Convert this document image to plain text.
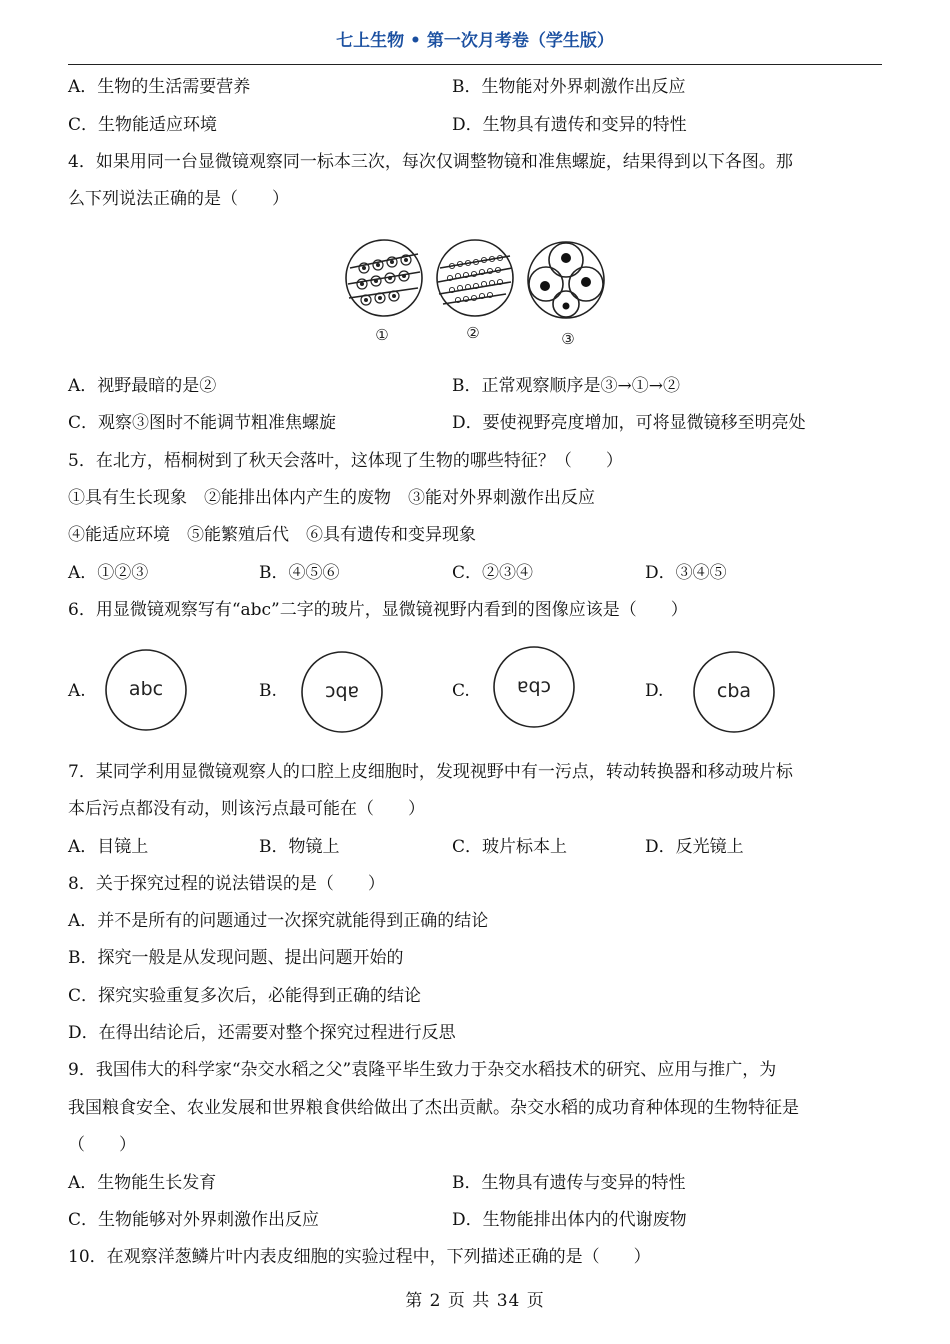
七上生物 • 第一次月考卷（学生版）
A．生物的生活需要营养	B．生物能对外界刺激作出反应
C．生物能适应环境	D．生物具有遗传和变异的特性
4．如果用同一台显微镜观察同一标本三次，每次仅调整物镜和准焦螺旋，结果得到以下各图。那
么下列说法正确的是（　　）
①	②	③
A．视野最暗的是②	B．正常观察顺序是③→①→②
C．观察③图时不能调节粗准焦螺旋	D．要使视野亮度增加，可将显微镜移至明亮处
5．在北方，梧桐树到了秋天会落叶，这体现了生物的哪些特征？（　　）
①具有生长现象　②能排出体内产生的废物　③能对外界刺激作出反应
④能适应环境　⑤能繁殖后代　⑥具有遗传和变异现象
A．①②③	B．④⑤⑥	C．②③④	D．③④⑤
6．用显微镜观察写有“abc”二字的玻片，显微镜视野内看到的图像应该是（　　）
A. abc	B.	ɔqɐ	C. ɐqɔ	D.	cba
7．某同学利用显微镜观察人的口腔上皮细胞时，发现视野中有一污点，转动转换器和移动玻片标
本后污点都没有动，则该污点最可能在（　　）
A．目镜上	B．物镜上	C．玻片标本上	D．反光镜上
8．关于探究过程的说法错误的是（　　）
A．并不是所有的问题通过一次探究就能得到正确的结论
B．探究一般是从发现问题、提出问题开始的
C．探究实验重复多次后，必能得到正确的结论
D．在得出结论后，还需要对整个探究过程进行反思
9．我国伟大的科学家“杂交水稻之父”袁隆平毕生致力于杂交水稻技术的研究、应用与推广，为
我国粮食安全、农业发展和世界粮食供给做出了杰出贡献。杂交水稻的成功育种体现的生物特征是
（　　）
A．生物能生长发育	B．生物具有遗传与变异的特性
C．生物能够对外界刺激作出反应	D．生物能排出体内的代谢废物
10．在观察洋葱鳞片叶内表皮细胞的实验过程中，下列描述正确的是（　　）
第 2 页 共 34 页
